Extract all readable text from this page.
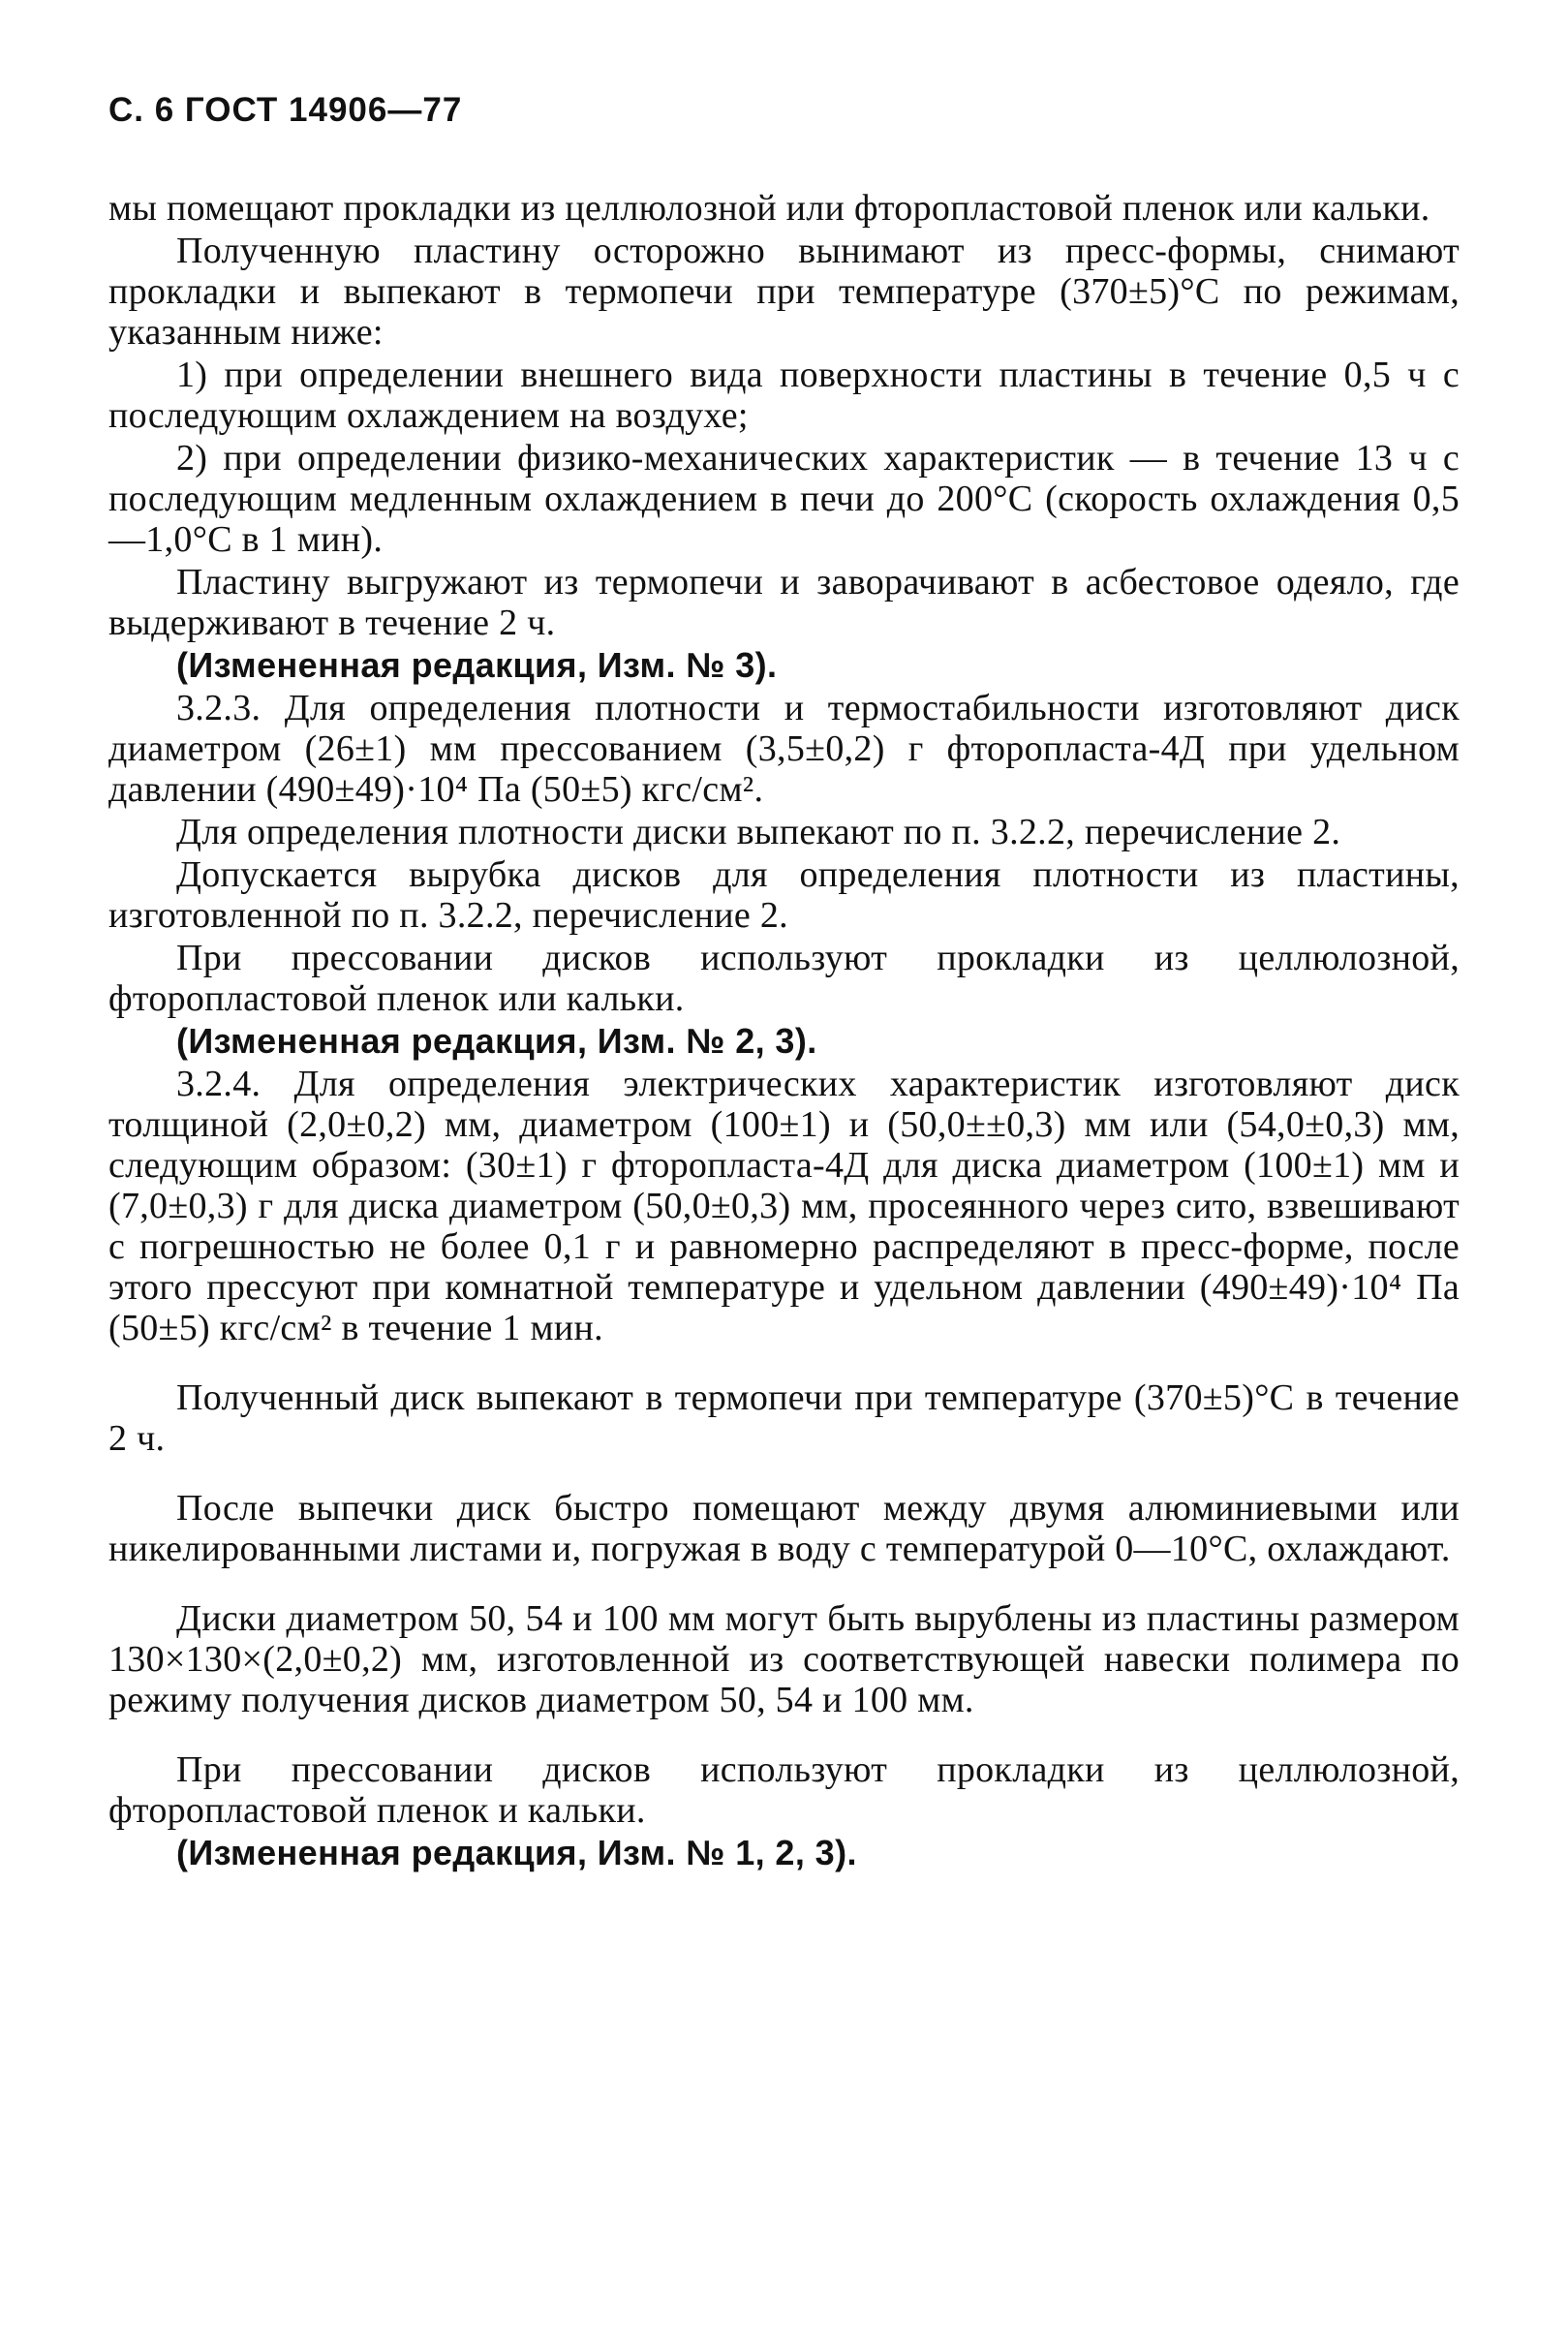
С. 6 ГОСТ 14906—77

мы помещают прокладки из целлюлозной или фторопластовой пленок или кальки.

Полученную пластину осторожно вынимают из пресс-формы, снимают прокладки и выпекают в термопечи при температуре (370±5)°С по режимам, указанным ниже:

1) при определении внешнего вида поверхности пластины в течение 0,5 ч с последующим охлаждением на воздухе;

2) при определении физико-механических характеристик — в течение 13 ч с последующим медленным охлаждением в печи до 200°С (скорость охлаждения 0,5—1,0°С в 1 мин).

Пластину выгружают из термопечи и заворачивают в асбестовое одеяло, где выдерживают в течение 2 ч.

(Измененная редакция, Изм. № 3).

3.2.3. Для определения плотности и термостабильности изготовляют диск диаметром (26±1) мм прессованием (3,5±0,2) г фторопласта-4Д при удельном давлении (490±49)·10⁴ Па (50±5) кгс/см².

Для определения плотности диски выпекают по п. 3.2.2, перечисление 2.

Допускается вырубка дисков для определения плотности из пластины, изготовленной по п. 3.2.2, перечисление 2.

При прессовании дисков используют прокладки из целлюлозной, фторопластовой пленок или кальки.

(Измененная редакция, Изм. № 2, 3).

3.2.4. Для определения электрических характеристик изготовляют диск толщиной (2,0±0,2) мм, диаметром (100±1) и (50,0±±0,3) мм или (54,0±0,3) мм, следующим образом: (30±1) г фторопласта-4Д для диска диаметром (100±1) мм и (7,0±0,3) г для диска диаметром (50,0±0,3) мм, просеянного через сито, взвешивают с погрешностью не более 0,1 г и равномерно распределяют в пресс-форме, после этого прессуют при комнатной температуре и удельном давлении (490±49)·10⁴ Па (50±5) кгс/см² в течение 1 мин.

Полученный диск выпекают в термопечи при температуре (370±5)°С в течение 2 ч.

После выпечки диск быстро помещают между двумя алюминиевыми или никелированными листами и, погружая в воду с температурой 0—10°С, охлаждают.

Диски диаметром 50, 54 и 100 мм могут быть вырублены из пластины размером 130×130×(2,0±0,2) мм, изготовленной из соответствующей навески полимера по режиму получения дисков диаметром 50, 54 и 100 мм.

При прессовании дисков используют прокладки из целлюлозной, фторопластовой пленок и кальки.

(Измененная редакция, Изм. № 1, 2, 3).
